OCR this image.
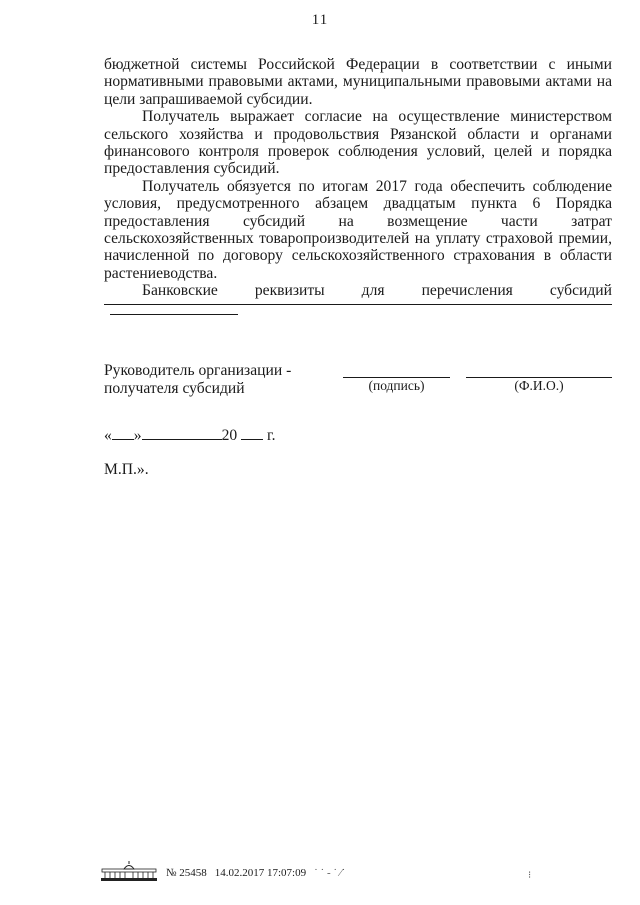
11

бюджетной системы Российской Федерации в соответствии с иными нормативными правовыми актами, муниципальными правовыми актами на цели запрашиваемой субсидии.

Получатель выражает согласие на осуществление министерством сельского хозяйства и продовольствия Рязанской области и органами финансового контроля проверок соблюдения условий, целей и порядка предоставления субсидий.

Получатель обязуется по итогам 2017 года обеспечить соблюдение условия, предусмотренного абзацем двадцатым пункта 6 Порядка предоставления субсидий на возмещение части затрат сельскохозяйственных товаропроизводителей на уплату страховой премии, начисленной по договору сельскохозяйственного страхования в области растениеводства.

Банковские реквизиты для перечисления субсидий

Руководитель организации -
получателя субсидий	(подпись)	(Ф.И.О.)
« »	20 г.
М.П.».
№ 25458 14.02.2017 17:07:09 ˙ ˙ - ˙ ⁄˙	⁝
